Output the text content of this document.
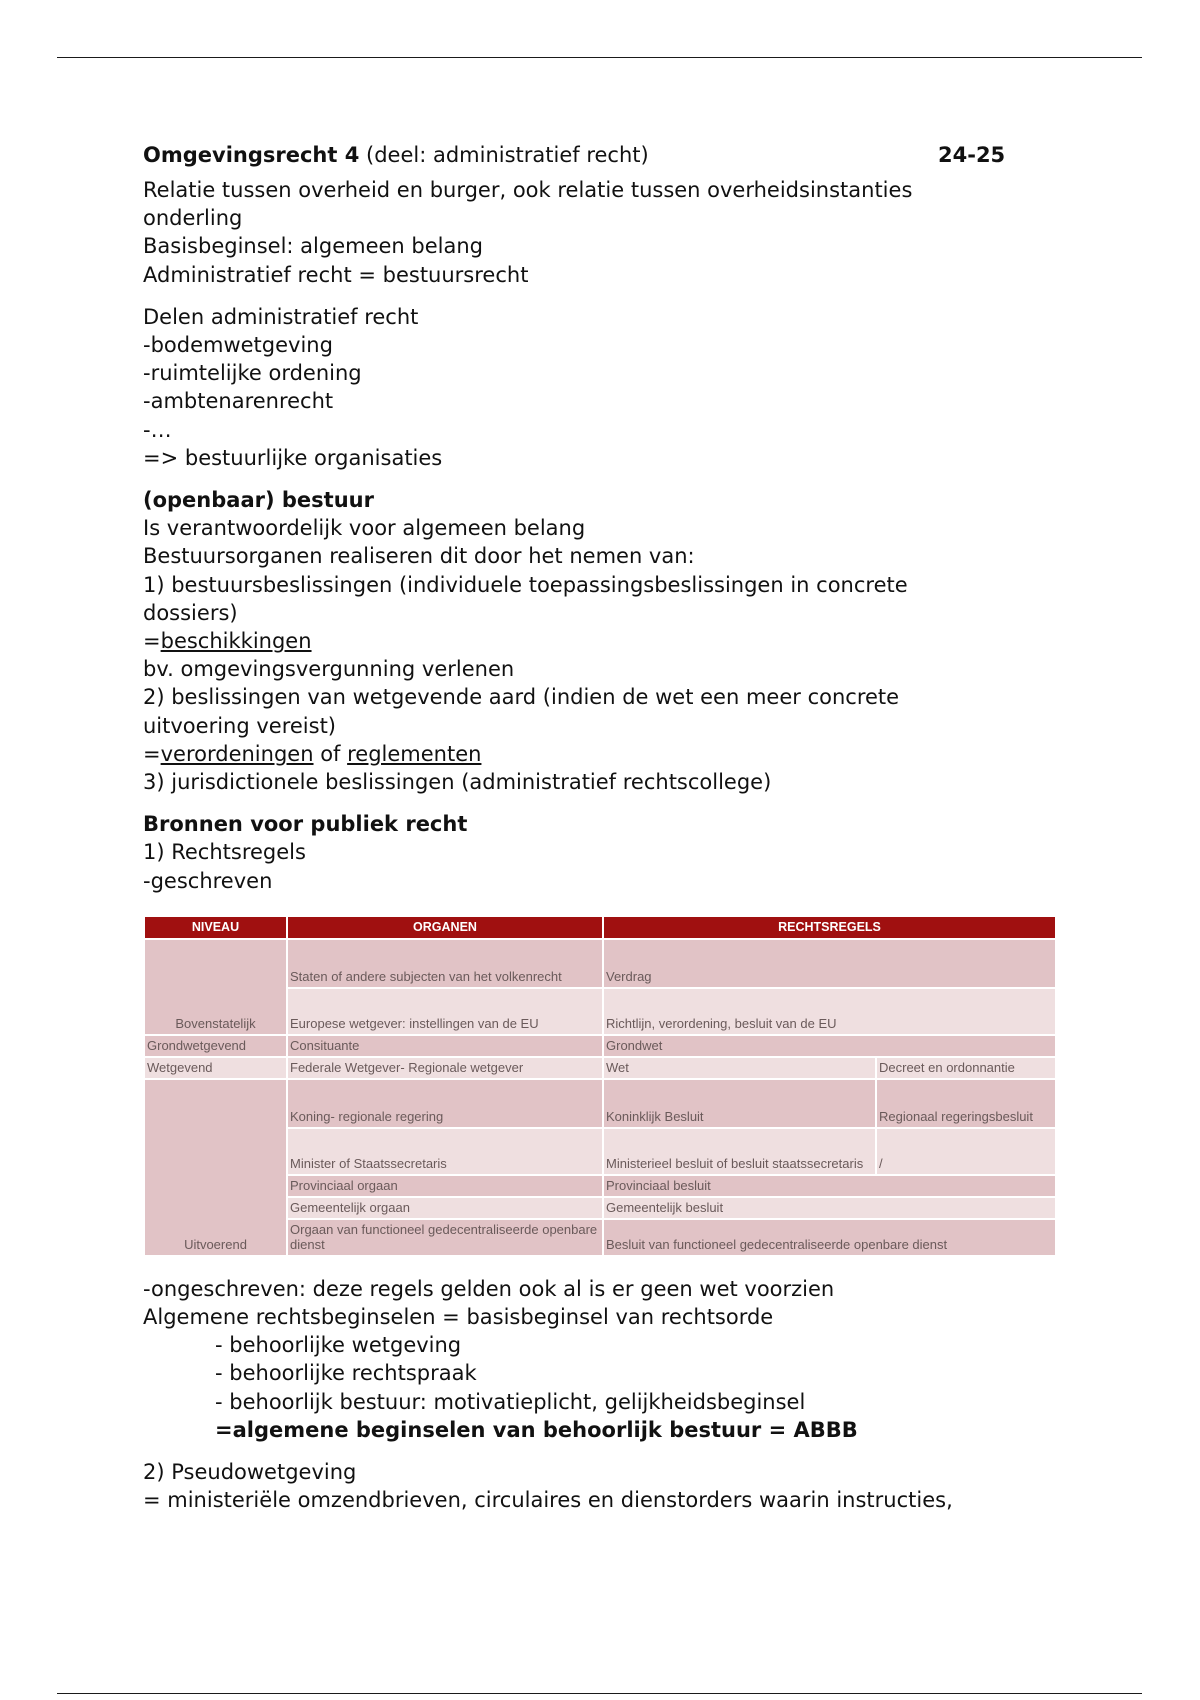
Omgevingsrecht 4 (deel: administratief recht)	24-25
Relatie tussen overheid en burger, ook relatie tussen overheidsinstanties
onderling
Basisbeginsel: algemeen belang
Administratief recht = bestuursrecht
Delen administratief recht
-bodemwetgeving
-ruimtelijke ordening
-ambtenarenrecht
-…
=> bestuurlijke organisaties
(openbaar) bestuur
Is verantwoordelijk voor algemeen belang
Bestuursorganen realiseren dit door het nemen van:
1) bestuursbeslissingen (individuele toepassingsbeslissingen in concrete
dossiers)
=beschikkingen
bv. omgevingsvergunning verlenen
2) beslissingen van wetgevende aard (indien de wet een meer concrete
uitvoering vereist)
=verordeningen of reglementen
3) jurisdictionele beslissingen (administratief rechtscollege)
Bronnen voor publiek recht
1) Rechtsregels
-geschreven
NIVEAU	ORGANEN	RECHTSREGELS	
Bovenstatelijk	Staten of andere subjecten van het volkenrecht	Verdrag	
	Europese wetgever: instellingen van de EU	Richtlijn, verordening, besluit van de EU	
Grondwetgevend	Consituante	Grondwet	
Wetgevend	Federale Wetgever- Regionale wetgever	Wet	Decreet en ordonnantie
Uitvoerend	Koning- regionale regering	Koninklijk Besluit	Regionaal regeringsbesluit
	Minister of Staatssecretaris	Ministerieel besluit of besluit staatssecretaris	/
	Provinciaal orgaan	Provinciaal besluit	
	Gemeentelijk orgaan	Gemeentelijk besluit	
	Orgaan van functioneel gedecentraliseerde openbare dienst	Besluit van functioneel gedecentraliseerde openbare dienst	
-ongeschreven: deze regels gelden ook al is er geen wet voorzien
Algemene rechtsbeginselen = basisbeginsel van rechtsorde
- behoorlijke wetgeving
- behoorlijke rechtspraak
- behoorlijk bestuur: motivatieplicht, gelijkheidsbeginsel
=algemene beginselen van behoorlijk bestuur = ABBB
2) Pseudowetgeving
= ministeriële omzendbrieven, circulaires en dienstorders waarin instructies,
